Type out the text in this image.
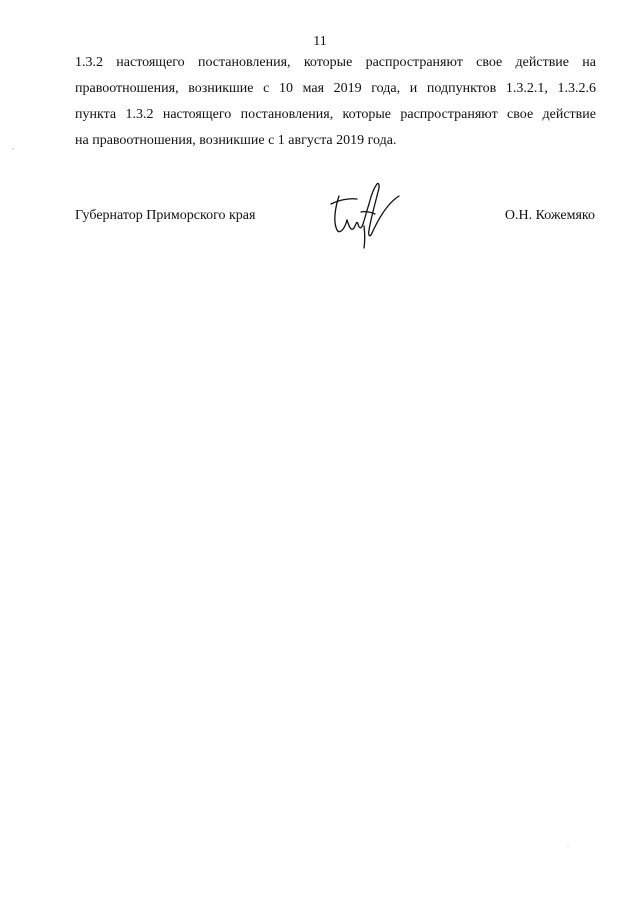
11
1.3.2 настоящего постановления, которые распространяют свое действие на
правоотношения, возникшие с 10 мая 2019 года, и подпунктов 1.3.2.1, 1.3.2.6
пункта 1.3.2 настоящего постановления, которые распространяют свое действие
на правоотношения, возникшие с 1 августа 2019 года.
Губернатор Приморского края	О.Н. Кожемяко
